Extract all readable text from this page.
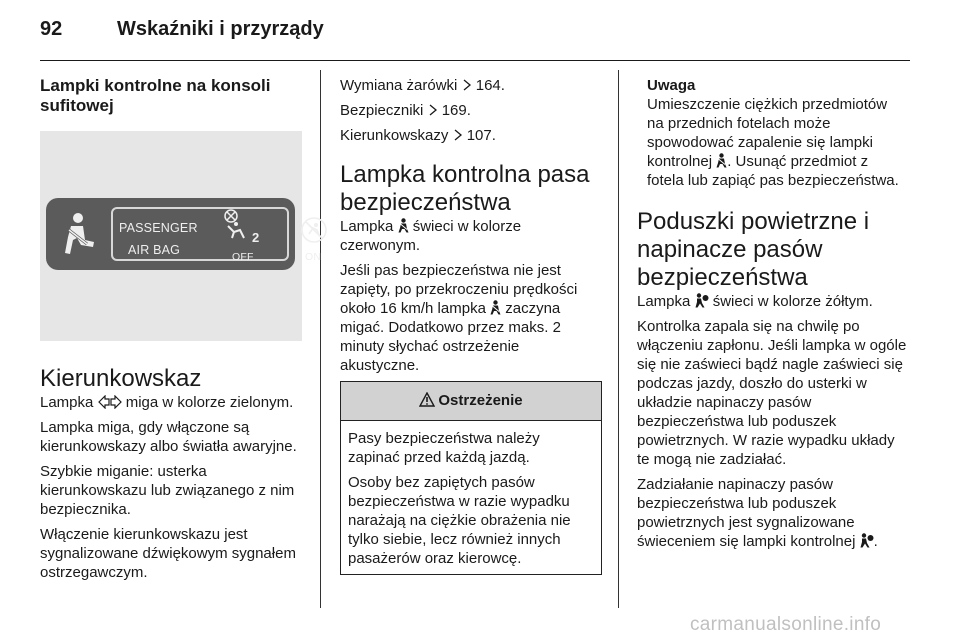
92	Wskaźniki i przyrządy
Lampki kontrolne na konsoli sufitowej
PASSENGER
AIR BAG
2
OFF	ON
Kierunkowskaz

Lampka  miga w kolorze zielonym.

Lampka miga, gdy włączone są kierunkowskazy albo światła awaryjne.

Szybkie miganie: usterka kierunkowskazu lub związanego z nim bezpiecznika.

Włączenie kierunkowskazu jest sygnalizowane dźwiękowym sygnałem ostrzegawczym.

Wymiana żarówki  164.

Bezpieczniki  169.

Kierunkowskazy  107.

Lampka kontrolna pasa bezpieczeństwa

Lampka  świeci w kolorze czerwonym.

Jeśli pas bezpieczeństwa nie jest zapięty, po przekroczeniu prędkości około 16 km/h lampka  zaczyna migać. Dodatkowo przez maks. 2 minuty słychać ostrzeżenie akustyczne.

Ostrzeżenie

Pasy bezpieczeństwa należy zapinać przed każdą jazdą.

Osoby bez zapiętych pasów bezpieczeństwa w razie wypadku narażają na ciężkie obrażenia nie tylko siebie, lecz również innych pasażerów oraz kierowcę.

Uwaga
Umieszczenie ciężkich przedmiotów na przednich fotelach może spowodować zapalenie się lampki kontrolnej . Usunąć przedmiot z fotela lub zapiąć pas bezpieczeństwa.
Poduszki powietrzne i napinacze pasów bezpieczeństwa

Lampka  świeci w kolorze żółtym.

Kontrolka zapala się na chwilę po włączeniu zapłonu. Jeśli lampka w ogóle się nie zaświeci bądź nagle zaświeci się podczas jazdy, doszło do usterki w układzie napinaczy pasów bezpieczeństwa lub poduszek powietrznych. W razie wypadku układy te mogą nie zadziałać.

Zadziałanie napinaczy pasów bezpieczeństwa lub poduszek powietrznych jest sygnalizowane świeceniem się lampki kontrolnej .

carmanualsonline.info
